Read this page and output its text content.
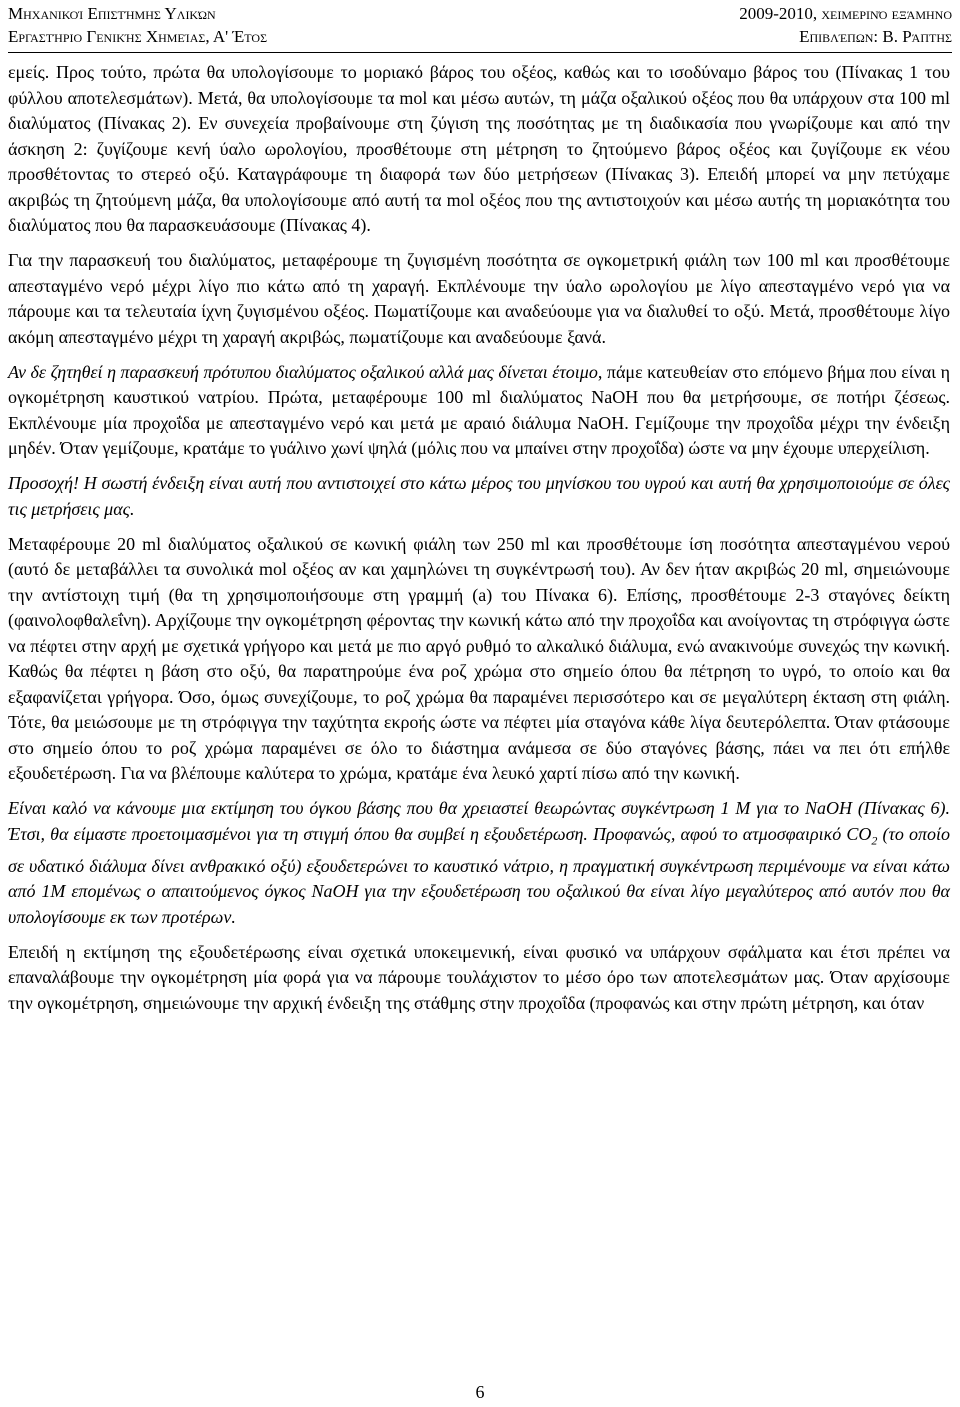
Μηχανικοί Επιστήμης Υλικών	2009-2010, χειμερινό εξάμηνο
Εργαστήριο Γενικής Χημείας, Α' Έτος	Επιβλέπων: Β. Ράπτης

εμείς. Προς τούτο, πρώτα θα υπολογίσουμε το μοριακό βάρος του οξέος, καθώς και το ισοδύναμο βάρος του (Πίνακας 1 του φύλλου αποτελεσμάτων). Μετά, θα υπολογίσουμε τα mol και μέσω αυτών, τη μάζα οξαλικού οξέος που θα υπάρχουν στα 100 ml διαλύματος (Πίνακας 2). Εν συνεχεία προβαίνουμε στη ζύγιση της ποσότητας με τη διαδικασία που γνωρίζουμε και από την άσκηση 2: ζυγίζουμε κενή ύαλο ωρολογίου, προσθέτουμε στη μέτρηση το ζητούμενο βάρος οξέος και ζυγίζουμε εκ νέου προσθέτοντας το στερεό οξύ. Καταγράφουμε τη διαφορά των δύο μετρήσεων (Πίνακας 3). Επειδή μπορεί να μην πετύχαμε ακριβώς τη ζητούμενη μάζα, θα υπολογίσουμε από αυτή τα mol οξέος που της αντιστοιχούν και μέσω αυτής τη μοριακότητα του διαλύματος που θα παρασκευάσουμε (Πίνακας 4).

Για την παρασκευή του διαλύματος, μεταφέρουμε τη ζυγισμένη ποσότητα σε ογκομετρική φιάλη των 100 ml και προσθέτουμε απεσταγμένο νερό μέχρι λίγο πιο κάτω από τη χαραγή. Εκπλένουμε την ύαλο ωρολογίου με λίγο απεσταγμένο νερό για να πάρουμε και τα τελευταία ίχνη ζυγισμένου οξέος. Πωματίζουμε και αναδεύουμε για να διαλυθεί το οξύ. Μετά, προσθέτουμε λίγο ακόμη απεσταγμένο μέχρι τη χαραγή ακριβώς, πωματίζουμε και αναδεύουμε ξανά.

Αν δε ζητηθεί η παρασκευή πρότυπου διαλύματος οξαλικού αλλά μας δίνεται έτοιμο, πάμε κατευθείαν στο επόμενο βήμα που είναι η ογκομέτρηση καυστικού νατρίου. Πρώτα, μεταφέρουμε 100 ml διαλύματος NaOH που θα μετρήσουμε, σε ποτήρι ζέσεως. Εκπλένουμε μία προχοΐδα με απεσταγμένο νερό και μετά με αραιό διάλυμα NaOH. Γεμίζουμε την προχοΐδα μέχρι την ένδειξη μηδέν. Όταν γεμίζουμε, κρατάμε το γυάλινο χωνί ψηλά (μόλις που να μπαίνει στην προχοΐδα) ώστε να μην έχουμε υπερχείλιση.

Προσοχή! Η σωστή ένδειξη είναι αυτή που αντιστοιχεί στο κάτω μέρος του μηνίσκου του υγρού και αυτή θα χρησιμοποιούμε σε όλες τις μετρήσεις μας.

Μεταφέρουμε 20 ml διαλύματος οξαλικού σε κωνική φιάλη των 250 ml και προσθέτουμε ίση ποσότητα απεσταγμένου νερού (αυτό δε μεταβάλλει τα συνολικά mol οξέος αν και χαμηλώνει τη συγκέντρωσή του). Αν δεν ήταν ακριβώς 20 ml, σημειώνουμε την αντίστοιχη τιμή (θα τη χρησιμοποιήσουμε στη γραμμή (a) του Πίνακα 6). Επίσης, προσθέτουμε 2-3 σταγόνες δείκτη (φαινολοφθαλεΐνη). Αρχίζουμε την ογκομέτρηση φέροντας την κωνική κάτω από την προχοΐδα και ανοίγοντας τη στρόφιγγα ώστε να πέφτει στην αρχή με σχετικά γρήγορο και μετά με πιο αργό ρυθμό το αλκαλικό διάλυμα, ενώ ανακινούμε συνεχώς την κωνική. Καθώς θα πέφτει η βάση στο οξύ, θα παρατηρούμε ένα ροζ χρώμα στο σημείο όπου θα πέτρηση το υγρό, το οποίο και θα εξαφανίζεται γρήγορα. Όσο, όμως συνεχίζουμε, το ροζ χρώμα θα παραμένει περισσότερο και σε μεγαλύτερη έκταση στη φιάλη. Τότε, θα μειώσουμε με τη στρόφιγγα την ταχύτητα εκροής ώστε να πέφτει μία σταγόνα κάθε λίγα δευτερόλεπτα. Όταν φτάσουμε στο σημείο όπου το ροζ χρώμα παραμένει σε όλο το διάστημα ανάμεσα σε δύο σταγόνες βάσης, πάει να πει ότι επήλθε εξουδετέρωση. Για να βλέπουμε καλύτερα το χρώμα, κρατάμε ένα λευκό χαρτί πίσω από την κωνική.

Είναι καλό να κάνουμε μια εκτίμηση του όγκου βάσης που θα χρειαστεί θεωρώντας συγκέντρωση 1 M για το NaOH (Πίνακας 6). Έτσι, θα είμαστε προετοιμασμένοι για τη στιγμή όπου θα συμβεί η εξουδετέρωση. Προφανώς, αφού το ατμοσφαιρικό $CO_2$ (το οποίο σε υδατικό διάλυμα δίνει ανθρακικό οξύ) εξουδετερώνει το καυστικό νάτριο, η πραγματική συγκέντρωση περιμένουμε να είναι κάτω από 1M επομένως ο απαιτούμενος όγκος NaOH για την εξουδετέρωση του οξαλικού θα είναι λίγο μεγαλύτερος από αυτόν που θα υπολογίσουμε εκ των προτέρων.

Επειδή η εκτίμηση της εξουδετέρωσης είναι σχετικά υποκειμενική, είναι φυσικό να υπάρχουν σφάλματα και έτσι πρέπει να επαναλάβουμε την ογκομέτρηση μία φορά για να πάρουμε τουλάχιστον το μέσο όρο των αποτελεσμάτων μας. Όταν αρχίσουμε την ογκομέτρηση, σημειώνουμε την αρχική ένδειξη της στάθμης στην προχοΐδα (προφανώς και στην πρώτη μέτρηση, και όταν

6
